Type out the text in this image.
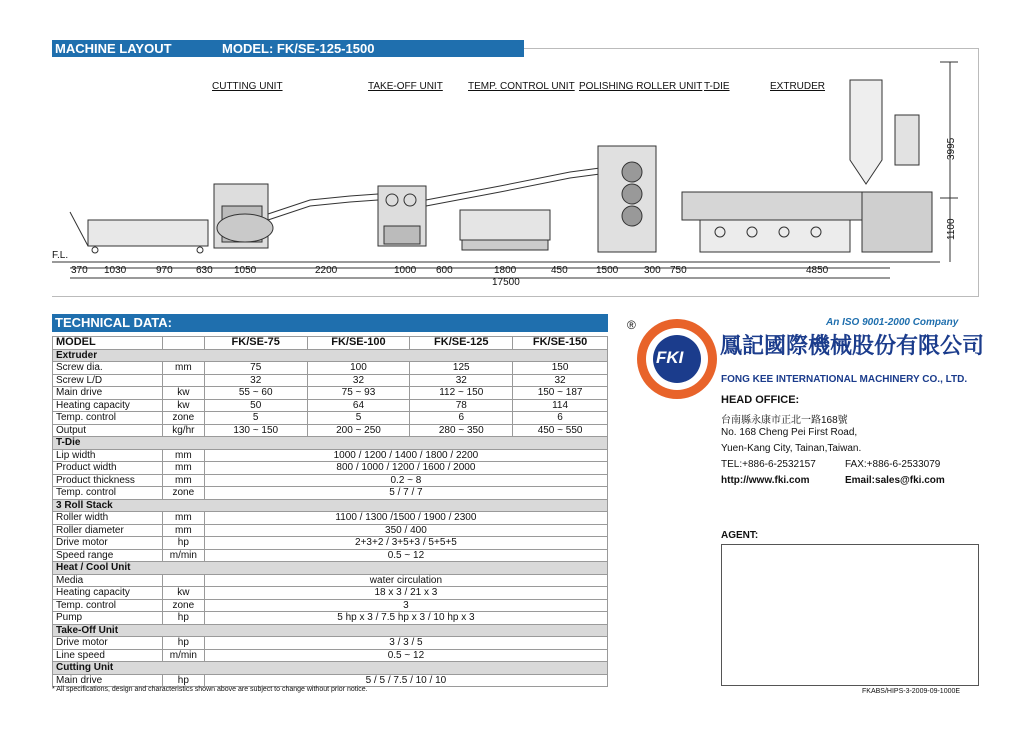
MACHINE LAYOUT	MODEL: FK/SE-125-1500
CUTTING UNIT	TAKE-OFF UNIT	TEMP. CONTROL UNIT POLISHING ROLLER UNIT T-DIE	EXTRUDER
F.L.
3995
1100
370 1030	970 630 1050	2200	1000 600	1800	450	1500	300 750	4850
17500
TECHNICAL DATA:
MODEL		FK/SE-75	FK/SE-100	FK/SE-125	FK/SE-150
Extruder					
Screw dia.	mm	75	100	125	150
Screw L/D		32	32	32	32
Main drive	kw	55 ~ 60	75 ~ 93	112 ~ 150	150 ~ 187
Heating capacity	kw	50	64	78	114
Temp. control	zone	5	5	6	6
Output	kg/hr	130 ~ 150	200 ~ 250	280 ~ 350	450 ~ 550
T-Die					
Lip width	mm	1000 / 1200 / 1400 / 1800 / 2200			
Product width	mm	800 / 1000 / 1200 / 1600 / 2000			
Product thickness	mm	0.2 ~ 8			
Temp. control	zone	5 / 7 / 7			
3 Roll Stack					
Roller width	mm	1100 / 1300 /1500 / 1900 / 2300			
Roller diameter	mm	350 / 400			
Drive motor	hp	2+3+2 / 3+5+3 / 5+5+5			
Speed range	m/min	0.5 ~ 12			
Heat / Cool Unit					
Media		water circulation			
Heating capacity	kw	18 x 3 / 21 x 3			
Temp. control	zone	3			
Pump	hp	5 hp x 3 / 7.5 hp x 3 / 10 hp x 3			
Take-Off Unit					
Drive motor	hp	3 / 3 / 5			
Line speed	m/min	0.5 ~ 12			
Cutting Unit					
Main drive	hp	5 / 5 / 7.5 / 10 / 10			
* All specifications, design and characteristics shown above are subject to change without prior notice.
®
FKI
An ISO 9001-2000 Company
鳳記國際機械股份有限公司
FONG KEE INTERNATIONAL MACHINERY CO., LTD.
HEAD OFFICE:
台南縣永康市正北一路168號
No. 168 Cheng Pei First Road,
Yuen-Kang City, Tainan,Taiwan.
TEL:+886-6-2532157	FAX:+886-6-2533079
http://www.fki.com	Email:sales@fki.com
AGENT:
FKABS/HIPS-3-2009-09-1000E
